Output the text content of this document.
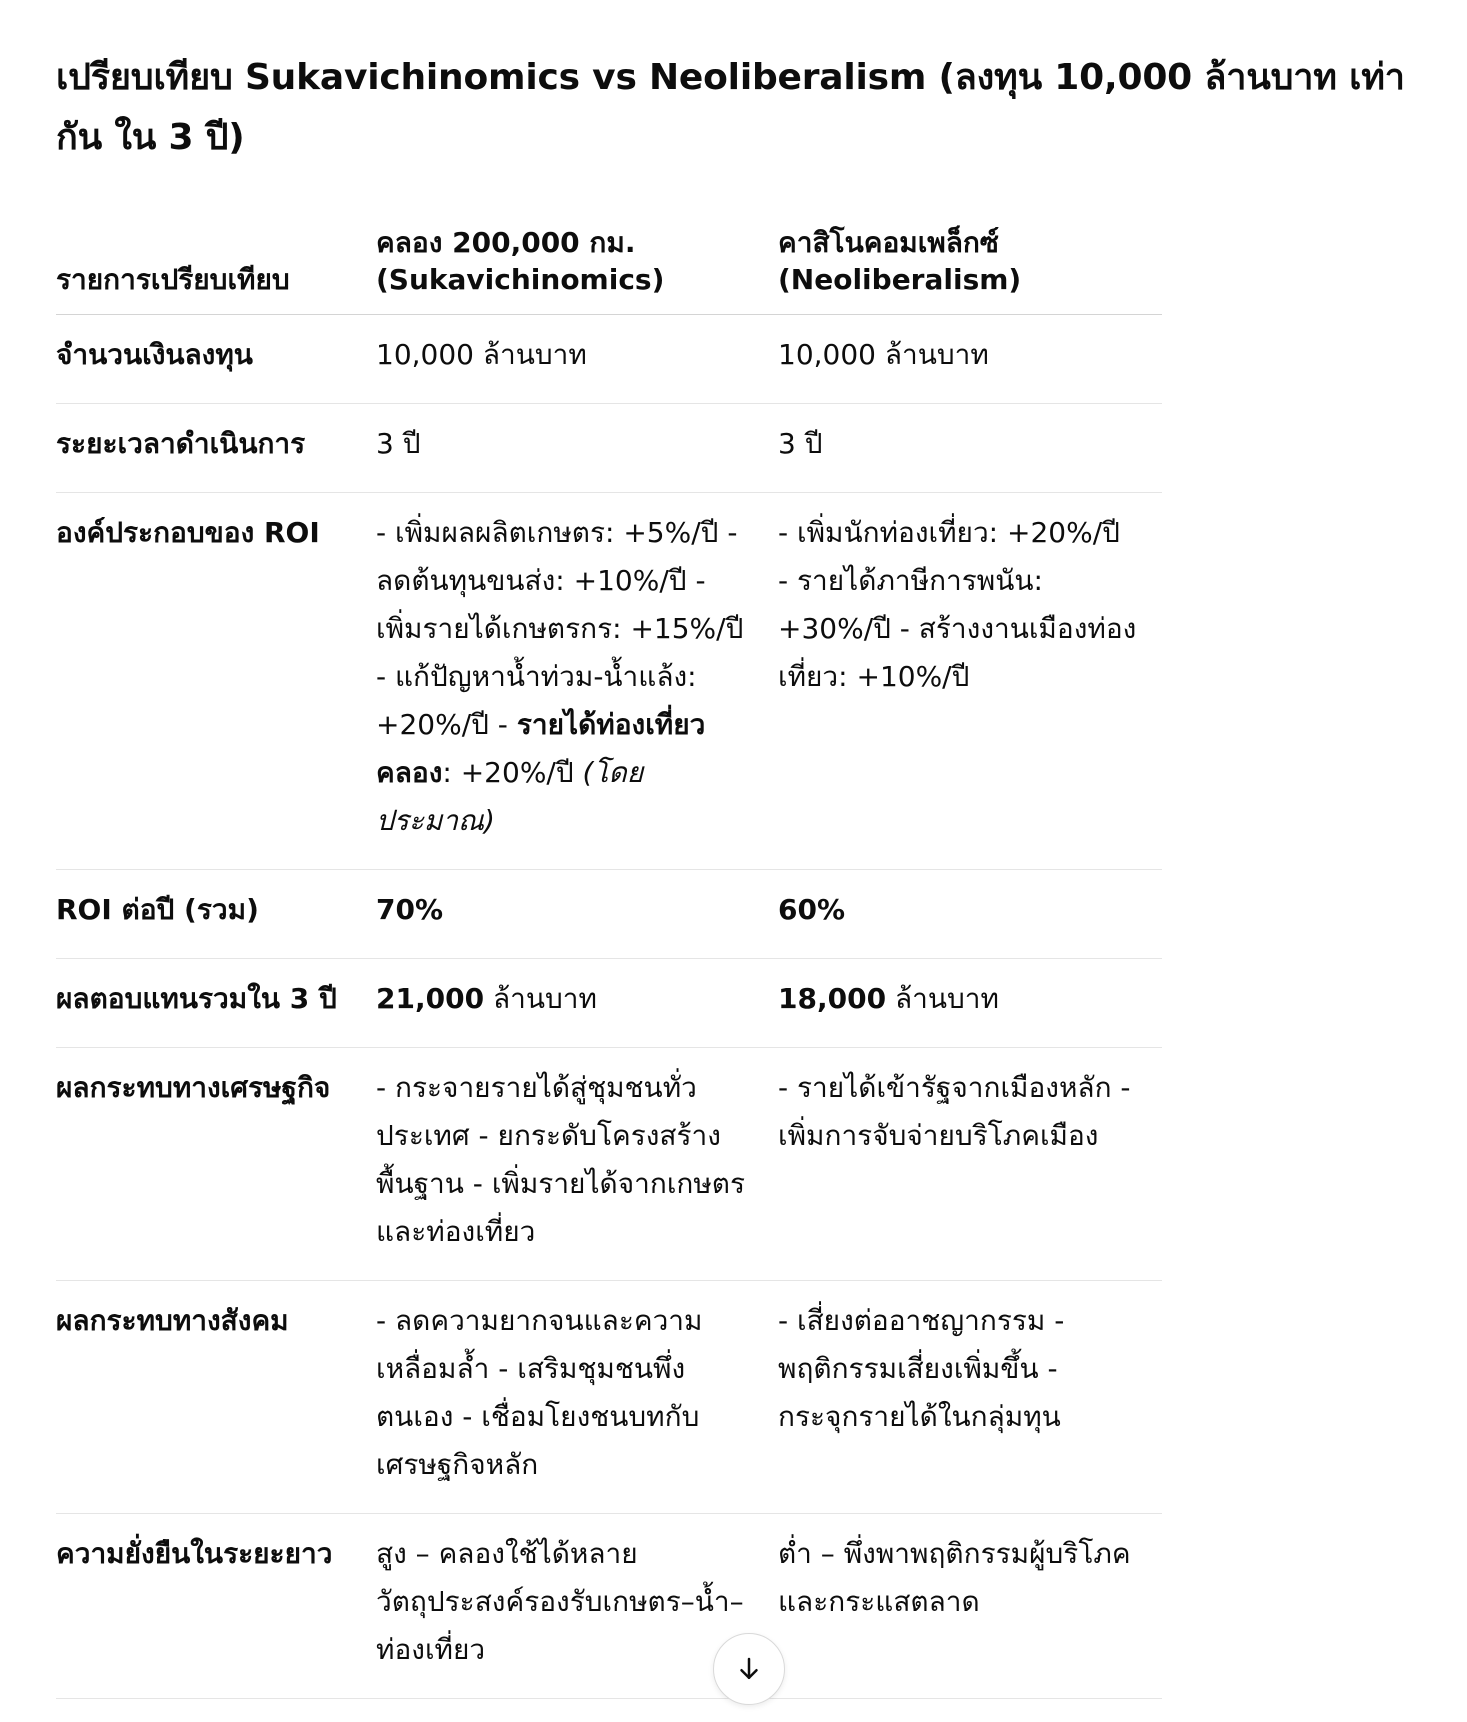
เปรียบเทียบ Sukavichinomics vs Neoliberalism (ลงทุน 10,000 ล้านบาท เท่ากัน ใน 3 ปี)
รายการเปรียบเทียบ	คลอง 200,000 กม. (Sukavichinomics)	คาสิโนคอมเพล็กซ์ (Neoliberalism)
จำนวนเงินลงทุน	10,000 ล้านบาท	10,000 ล้านบาท
ระยะเวลาดำเนินการ	3 ปี	3 ปี
องค์ประกอบของ ROI	- เพิ่มผลผลิตเกษตร: +5%/ปี - ลดต้นทุนขนส่ง: +10%/ปี - เพิ่มรายได้เกษตรกร: +15%/ปี - แก้ปัญหาน้ำท่วม-น้ำแล้ง: +20%/ปี - รายได้ท่องเที่ยวคลอง: +20%/ปี (โดยประมาณ)	- เพิ่มนักท่องเที่ยว: +20%/ปี - รายได้ภาษีการพนัน: +30%/ปี - สร้างงานเมืองท่องเที่ยว: +10%/ปี
ROI ต่อปี (รวม)	70%	60%
ผลตอบแทนรวมใน 3 ปี	21,000 ล้านบาท	18,000 ล้านบาท
ผลกระทบทางเศรษฐกิจ	- กระจายรายได้สู่ชุมชนทั่วประเทศ - ยกระดับโครงสร้างพื้นฐาน - เพิ่มรายได้จากเกษตรและท่องเที่ยว	- รายได้เข้ารัฐจากเมืองหลัก - เพิ่มการจับจ่ายบริโภคเมือง
ผลกระทบทางสังคม	- ลดความยากจนและความเหลื่อมล้ำ - เสริมชุมชนพึ่งตนเอง - เชื่อมโยงชนบทกับเศรษฐกิจหลัก	- เสี่ยงต่ออาชญากรรม - พฤติกรรมเสี่ยงเพิ่มขึ้น - กระจุกรายได้ในกลุ่มทุน
ความยั่งยืนในระยะยาว	สูง – คลองใช้ได้หลายวัตถุประสงค์รองรับเกษตร–น้ำ–ท่องเที่ยว	ต่ำ – พึ่งพาพฤติกรรมผู้บริโภคและกระแสตลาด
